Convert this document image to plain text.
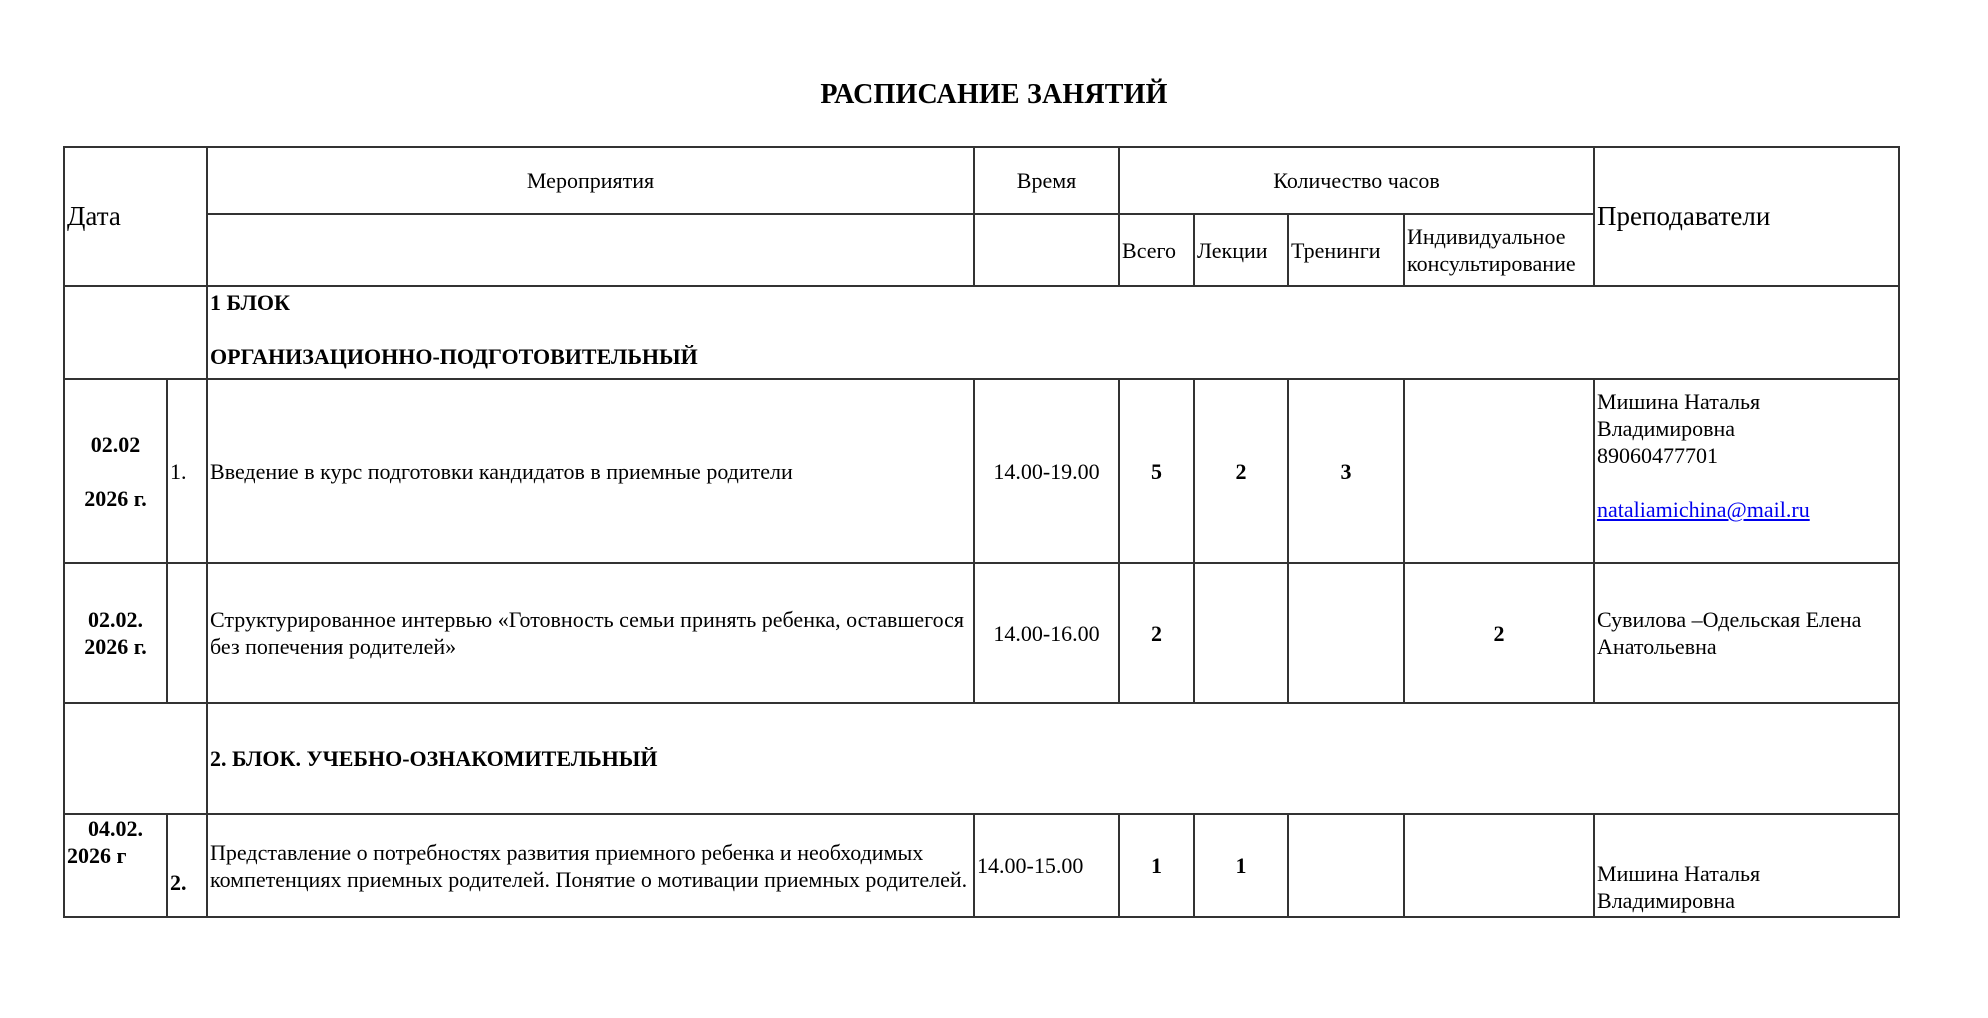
РАСПИСАНИЕ ЗАНЯТИЙ
Дата		Мероприятия	Время	Количество часов				Преподаватели
				Всего	Лекции	Тренинги	Индивидуальное консультирование	

		1 БЛОК
ОРГАНИЗАЦИОННО-ПОДГОТОВИТЕЛЬНЫЙ						

02.02
2026 г.	1.	Введение в курс подготовки кандидатов в приемные родители	14.00-19.00	5	2	3		Мишина Наталья
Владимировна
89060477701
nataliamichina@mail.ru

02.02.
2026 г.		Структурированное интервью «Готовность семьи принять ребенка, оставшегося без попечения родителей»	14.00-16.00	2			2	Сувилова –Одельская Елена
Анатольевна

		2. БЛОК. УЧЕБНО-ОЗНАКОМИТЕЛЬНЫЙ						

04.02.
2026 г	2.	Представление о потребностях развития приемного ребенка и необходимых компетенциях приемных родителей. Понятие о мотивации приемных родителей.	14.00-15.00	1	1			Мишина Наталья
Владимировна
